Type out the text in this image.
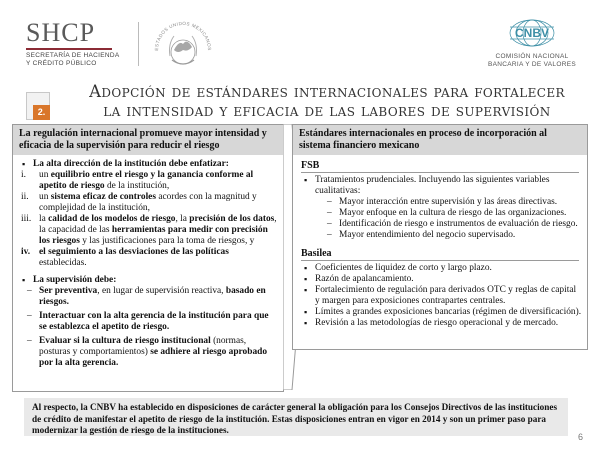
SHCP
SECRETARÍA DE HACIENDA
Y CRÉDITO PÚBLICO
ESTADOS UNIDOS MEXICANOS
CNBV
COMISIÓN NACIONAL
BANCARIA Y DE VALORES
2.
Adopción de estándares internacionales para fortalecer
la intensidad y eficacia de las labores de supervisión
La regulación internacional promueve mayor intensidad y eficacia de la supervisión para reducir el riesgo
▪ La alta dirección de la institución debe enfatizar:
i. un equilibrio entre el riesgo y la ganancia conforme al apetito de riesgo de la institución,
ii. un sistema eficaz de controles acordes con la magnitud y complejidad de la institución,
iii. la calidad de los modelos de riesgo, la precisión de los datos, la capacidad de las herramientas para medir con precisión los riesgos y las justificaciones para la toma de riesgos, y
iv. el seguimiento a las desviaciones de las políticas establecidas.
▪ La supervisión debe:
– Ser preventiva, en lugar de supervisión reactiva, basado en riesgos.
– Interactuar con la alta gerencia de la institución para que se establezca el apetito de riesgo.
– Evaluar si la cultura de riesgo institucional (normas, posturas y comportamientos) se adhiere al riesgo aprobado por la alta gerencia.
Estándares internacionales en proceso de incorporación al sistema financiero mexicano
FSB
▪ Tratamientos prudenciales. Incluyendo las siguientes variables cualitativas:
– Mayor interacción entre supervisión y las áreas directivas.
– Mayor enfoque en la cultura de riesgo de las organizaciones.
– Identificación de riesgo e instrumentos de evaluación de riesgo.
– Mayor entendimiento del negocio supervisado.
Basilea
▪ Coeficientes de liquidez de corto y largo plazo.
▪ Razón de apalancamiento.
▪ Fortalecimiento de regulación para derivados OTC y reglas de capital y margen para exposiciones contrapartes centrales.
▪ Límites a grandes exposiciones bancarias (régimen de diversificación).
▪ Revisión a las metodologías de riesgo operacional y de mercado.
Al respecto, la CNBV ha establecido en disposiciones de carácter general la obligación para los Consejos Directivos de las instituciones de crédito de manifestar el apetito de riesgo de la institución. Estas disposiciones entran en vigor en 2014 y son un primer paso para modernizar la gestión de riesgo de la instituciones.
6
